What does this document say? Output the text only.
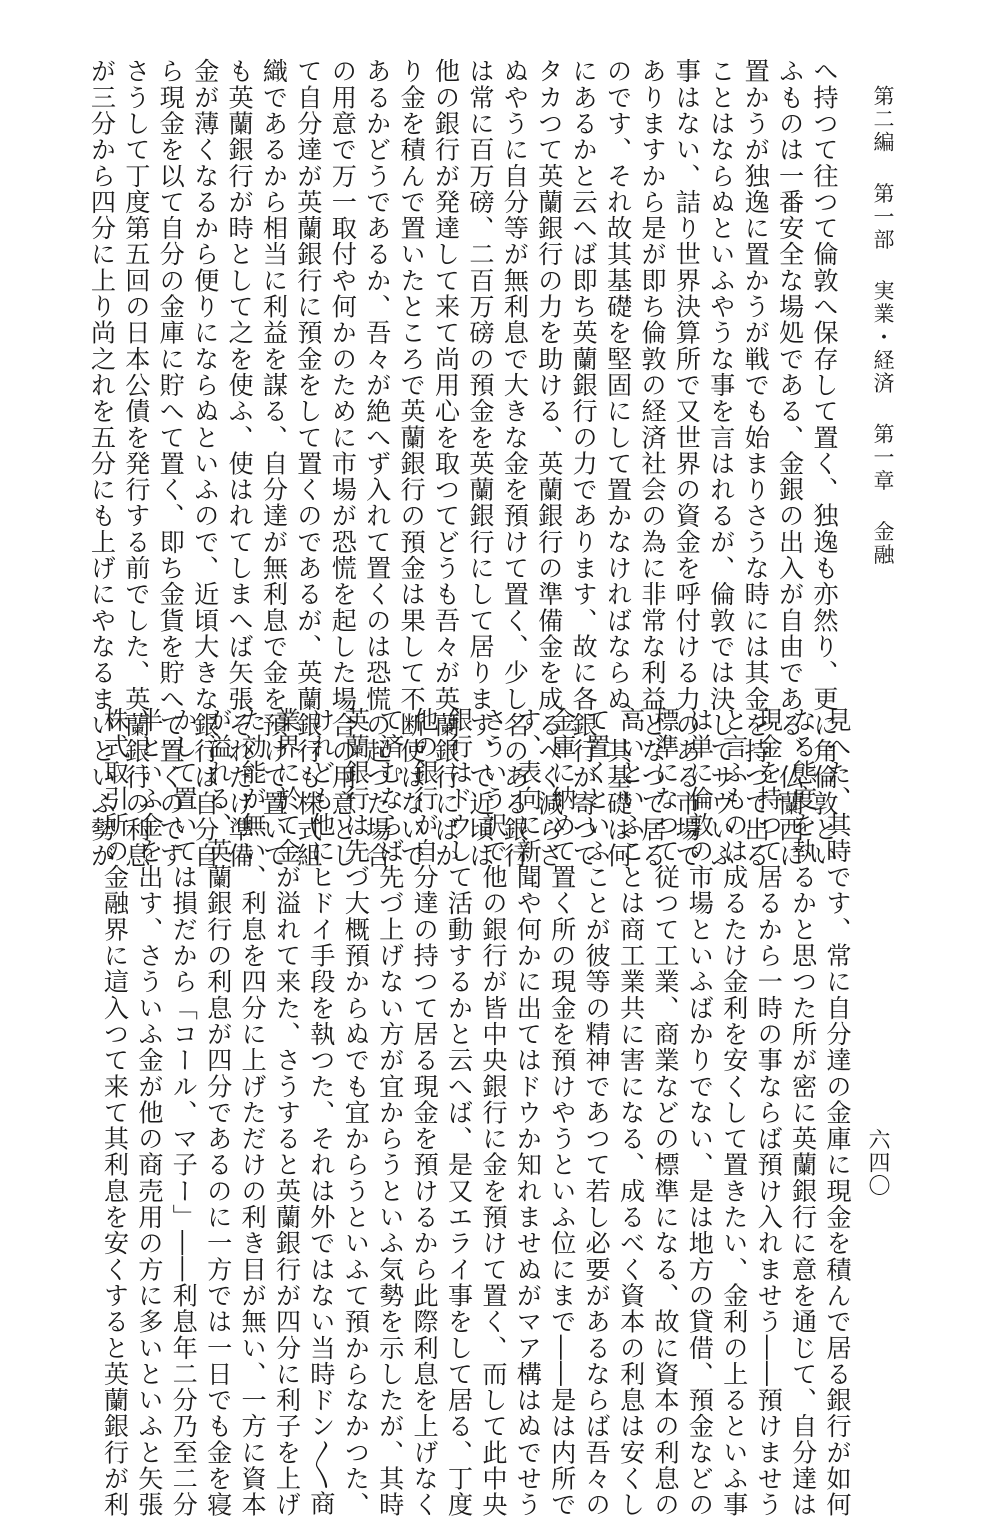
第二編第一部実業・経済第一章金融
六四〇
へ持つて往つて倫敦へ保存して置く、独逸も亦然り、更に角倫敦とい
ふものは一番安全な場処である、金銀の出入が自由である、仏蘭西に
置かうが独逸に置かうが戦でも始まりさうな時には其金を持つて出る
ことはならぬといふやうな事を言はれるが、倫敦では決してサウいふ
事はない、詰り世界決算所で又世界の資金を呼付ける力のある市場で
ありますから是が即ち倫敦の経済社会の為に非常な利益となつて居る
のです、それ故其基礎を堅固にして置かなければならぬ、其基礎は何
にあるかと云へば即ち英蘭銀行の力であります、故に各銀行が寄つて
タカつて英蘭銀行の力を助ける、英蘭銀行の準備金を成るべく減らさ
ぬやうに自分等が無利息で大きな金を預けて置く、少し名のある銀行
は常に百万磅、二百万磅の預金を英蘭銀行にして居ります、で近頃は
他の銀行が発達して来て尚用心を取つてどうも吾々が英蘭銀行にばか
り金を積んで置いたところで英蘭銀行の預金は果して不断使はないで
あるかどうであるか、吾々が絶へず入れて置くのは恐慌の起つた場合
の用意で万一取付や何かのために市場が恐慌を起した場合の用意とし
て自分達が英蘭銀行に預金をして置くのであるが、英蘭銀行も株式組
織であるから相当に利益を謀る、自分達が無利息で金を預けて置いて
も英蘭銀行が時として之を使ふ、使はれてしまへば矢張それだけ準備
金が薄くなるから便りにならぬといふので、近頃大きな銀行は自分自
ら現金を以て自分の金庫に貯へて置く、即ち金貨を貯へて置くのです
さうして丁度第五回の日本公債を発行する前でした、英蘭銀行の利息
が三分から四分に上り尚之れを五分にも上げにやなるまいといふ勢が
見へた、其時です、常に自分達の金庫に現金を積んで居る銀行が如何
なる態度を執るかと思つた所が密に英蘭銀行に意を通じて、自分達は
現金を持つて居るから一時の事ならば預け入れませう――預けませう
と言ふものは成るたけ金利を安くして置きたい、金利の上るといふ事
は単に倫敦の市場といふばかりでない、是は地方の貸借、預金などの
標準になつて従つて工業、商業などの標準になる、故に資本の利息の
高いといふことは商工業共に害になる、成るべく資本の利息は安くし
て置くといふことが彼等の精神であつて若し必要があるならば吾々の
金庫に納めて置く所の現金を預けやうといふ位にまで――是は内所で
す、表向に新聞や何かに出てはドウか知れませぬがマア構はぬでせう
さういう訳で他の銀行が皆中央銀行に金を預けて置く、而して此中央
銀行はドウして活動するかと云へば、是又エライ事をして居る、丁度
他の銀行が自分達の持つて居る現金を預けるから此際利息を上げなく
て済むならば先づ上げない方が宜からうといふ気勢を示したが、其時
英蘭銀行は先づ大概預からぬでも宜からうといふて預からなかつた、
けれども他にヒドイ手段を執つた、それは外ではない当時ドン〱商
業界に於て金が溢れて来た、さうすると英蘭銀行が四分に利子を上げ
た効能が無い、利息を四分に上げただけの利き目が無い、一方に資本
が溢れる、英蘭銀行の利息が四分であるのに一方では一日でも金を寝
かして置いては損だから「コール、マ子ー」――利息年二分乃至二分
半といふ金を出す、さういふ金が他の商売用の方に多いといふと矢張
株式取引所の金融界に這入つて来て其利息を安くすると英蘭銀行が利
